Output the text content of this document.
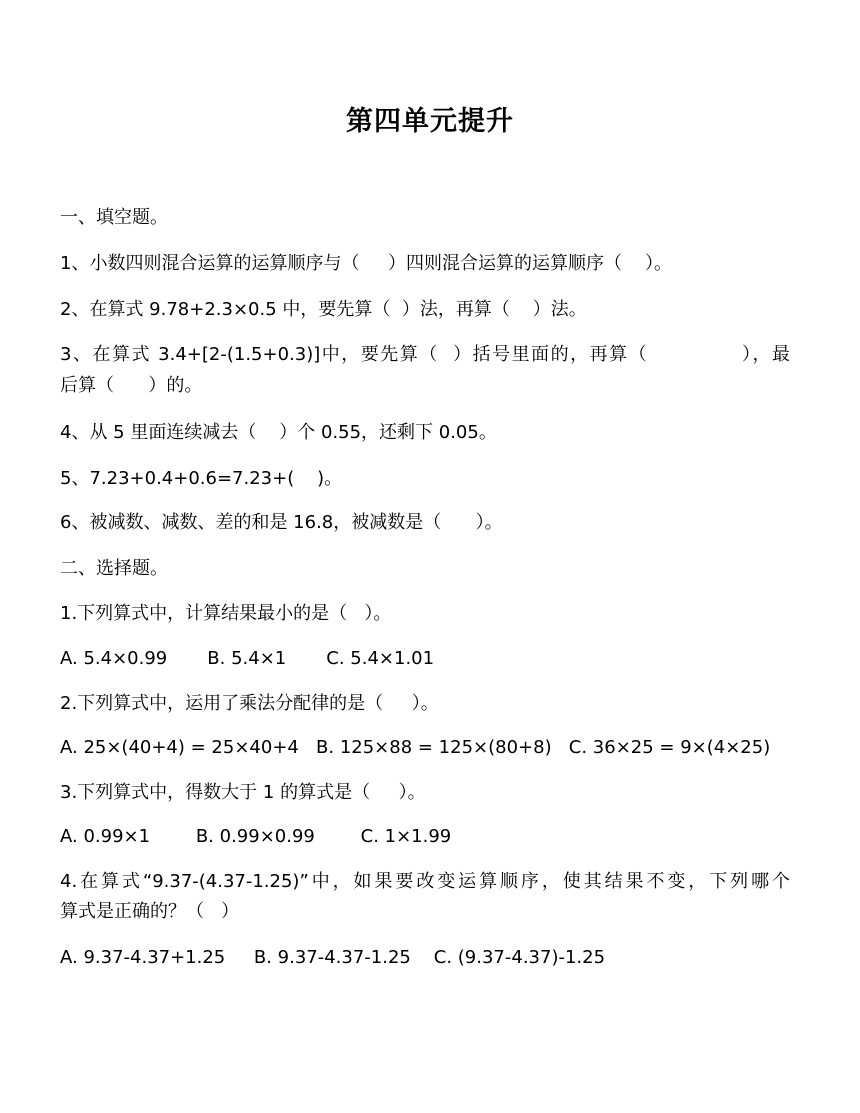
第四单元提升
一、填空题。
1、小数四则混合运算的运算顺序与（     ）四则混合运算的运算顺序（    ）。
2、在算式 9.78+2.3×0.5 中，要先算（  ）法，再算（    ）法。
3、在算式 3.4+[2-(1.5+0.3)]中，要先算（  ）括号里面的，再算（             ），最
后算（      ）的。
4、从 5 里面连续减去（    ）个 0.55，还剩下 0.05。
5、7.23+0.4+0.6=7.23+(    )。
6、被减数、减数、差的和是 16.8，被减数是（      ）。
二、选择题。
1.下列算式中，计算结果最小的是（   ）。
A. 5.4×0.99       B. 5.4×1       C. 5.4×1.01
2.下列算式中，运用了乘法分配律的是（     ）。
A. 25×(40+4) = 25×40+4   B. 125×88 = 125×(80+8)   C. 36×25 = 9×(4×25)
3.下列算式中，得数大于 1 的算式是（     ）。
A. 0.99×1        B. 0.99×0.99        C. 1×1.99
4.在算式“9.37-(4.37-1.25)”中，如果要改变运算顺序，使其结果不变，下列哪个
算式是正确的？（   ）
A. 9.37-4.37+1.25     B. 9.37-4.37-1.25    C. (9.37-4.37)-1.25
